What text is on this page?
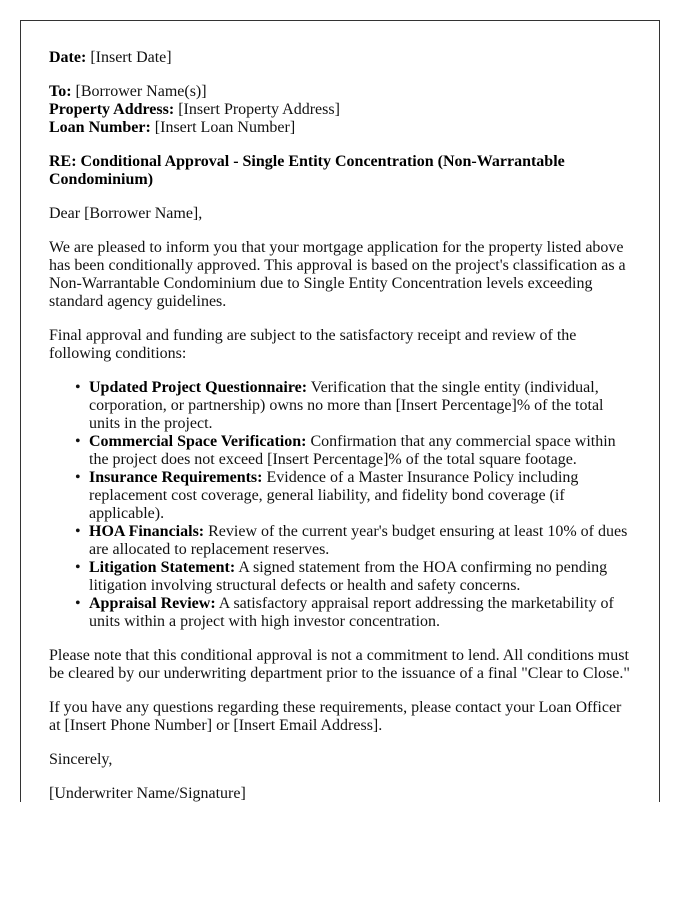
Date: [Insert Date]

To: [Borrower Name(s)]

Property Address: [Insert Property Address]

Loan Number: [Insert Loan Number]

RE: Conditional Approval - Single Entity Concentration (Non-Warrantable Condominium)

Dear [Borrower Name],

We are pleased to inform you that your mortgage application for the property listed above has been conditionally approved. This approval is based on the project's classification as a Non-Warrantable Condominium due to Single Entity Concentration levels exceeding standard agency guidelines.

Final approval and funding are subject to the satisfactory receipt and review of the following conditions:

• Updated Project Questionnaire: Verification that the single entity (individual, corporation, or partnership) owns no more than [Insert Percentage]% of the total units in the project.
• Commercial Space Verification: Confirmation that any commercial space within the project does not exceed [Insert Percentage]% of the total square footage.
• Insurance Requirements: Evidence of a Master Insurance Policy including replacement cost coverage, general liability, and fidelity bond coverage (if applicable).
• HOA Financials: Review of the current year's budget ensuring at least 10% of dues are allocated to replacement reserves.
• Litigation Statement: A signed statement from the HOA confirming no pending litigation involving structural defects or health and safety concerns.
• Appraisal Review: A satisfactory appraisal report addressing the marketability of units within a project with high investor concentration.

Please note that this conditional approval is not a commitment to lend. All conditions must be cleared by our underwriting department prior to the issuance of a final "Clear to Close."

If you have any questions regarding these requirements, please contact your Loan Officer at [Insert Phone Number] or [Insert Email Address].

Sincerely,

[Underwriter Name/Signature]
